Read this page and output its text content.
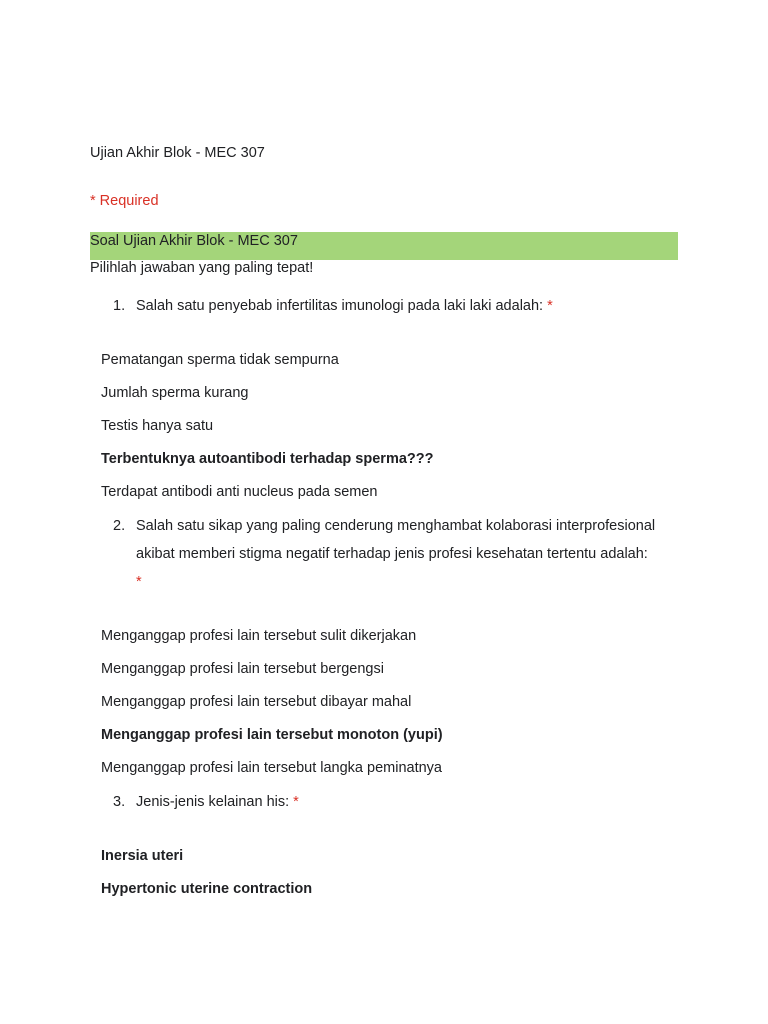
Ujian Akhir Blok - MEC 307
* Required
Soal Ujian Akhir Blok - MEC 307
Pilihlah jawaban yang paling tepat!
1. Salah satu penyebab infertilitas imunologi pada laki laki adalah: *
Pematangan sperma tidak sempurna
Jumlah sperma kurang
Testis hanya satu
Terbentuknya autoantibodi terhadap sperma???
Terdapat antibodi anti nucleus pada semen
2. Salah satu sikap yang paling cenderung menghambat kolaborasi interprofesional akibat memberi stigma negatif terhadap jenis profesi kesehatan tertentu adalah:
*
Menganggap profesi lain tersebut sulit dikerjakan
Menganggap profesi lain tersebut bergengsi
Menganggap profesi lain tersebut dibayar mahal
Menganggap profesi lain tersebut monoton (yupi)
Menganggap profesi lain tersebut langka peminatnya
3. Jenis-jenis kelainan his: *
Inersia uteri
Hypertonic uterine contraction
